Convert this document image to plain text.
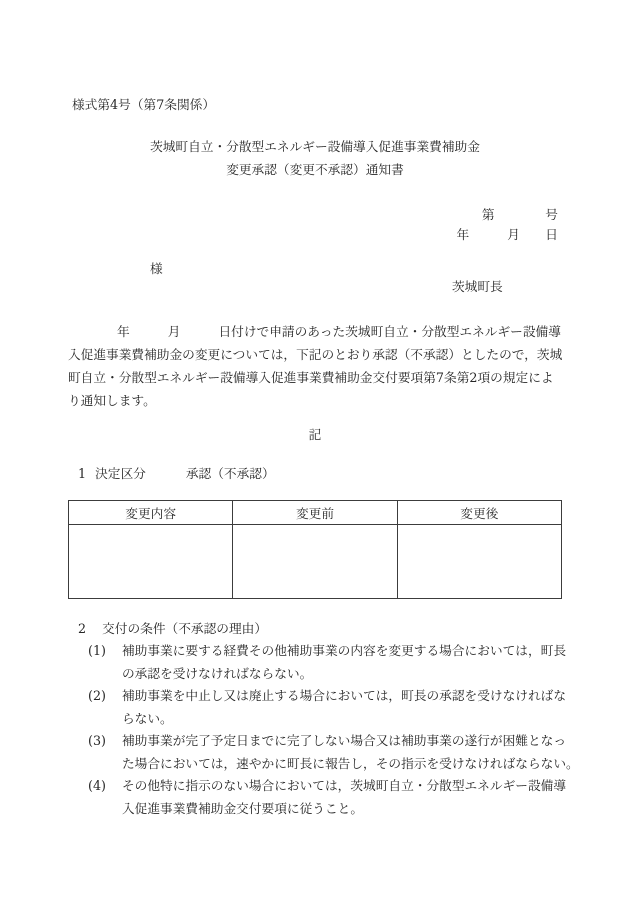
様式第4号（第7条関係）
茨城町自立・分散型エネルギー設備導入促進事業費補助金
変更承認（変更不承認）通知書
第　　　　号
年　　　月　　日
様
茨城町長
年　　　月　　　日付けで申請のあった茨城町自立・分散型エネルギー設備導
入促進事業費補助金の変更については，下記のとおり承認（不承認）としたので，茨城
町自立・分散型エネルギー設備導入促進事業費補助金交付要項第7条第2項の規定によ
り通知します。
記
1 決定区分	承認（不承認）
変更内容	変更前	変更後

2 交付の条件（不承認の理由）
(1) 補助事業に要する経費その他補助事業の内容を変更する場合においては，町長
の承認を受けなければならない。
(2) 補助事業を中止し又は廃止する場合においては，町長の承認を受けなければな
らない。
(3) 補助事業が完了予定日までに完了しない場合又は補助事業の遂行が困難となっ
た場合においては，速やかに町長に報告し，その指示を受けなければならない。
(4) その他特に指示のない場合においては，茨城町自立・分散型エネルギー設備導
入促進事業費補助金交付要項に従うこと。
